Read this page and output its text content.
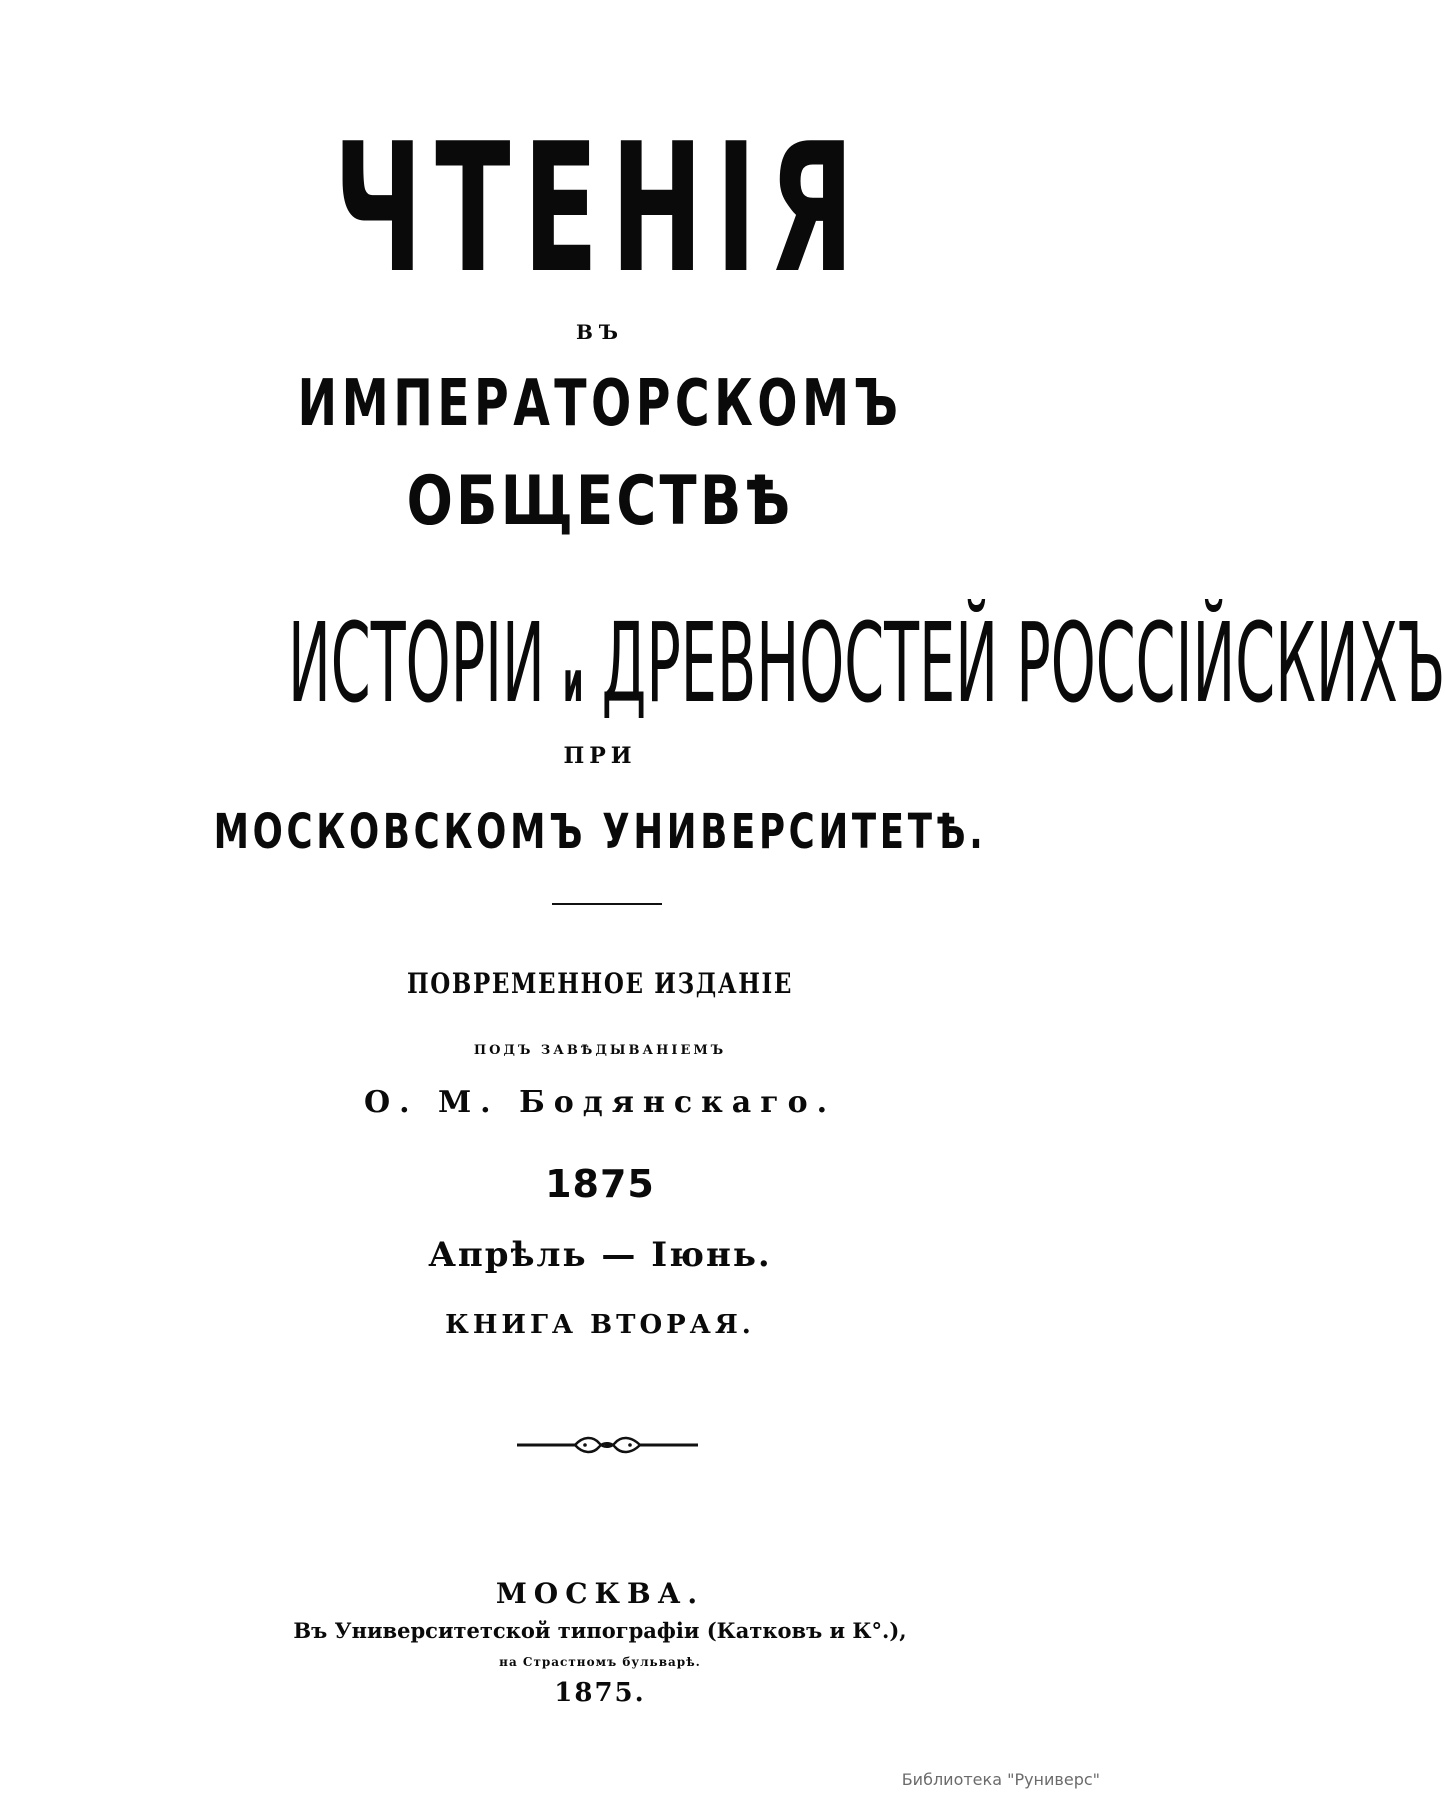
ЧТЕНІЯ
ВЪ
ИМПЕРАТОРСКОМЪ
ОБЩЕСТВѢ
ИСТОРІИ и ДРЕВНОСТЕЙ РОССІЙСКИХЪ
ПРИ
МОСКОВСКОМЪ УНИВЕРСИТЕТѢ.
ПОВРЕМЕННОЕ ИЗДАНІЕ
ПОДЪ ЗАВѢДЫВАНІЕМЪ
О. М. Бодянскаго.
1875
Апрѣль — Іюнь.
КНИГА ВТОРАЯ.
МОСКВА.
Въ Университетской типографіи (Катковъ и К°.),
на Страстномъ бульварѣ.
1875.
Библиотека "Руниверс"
